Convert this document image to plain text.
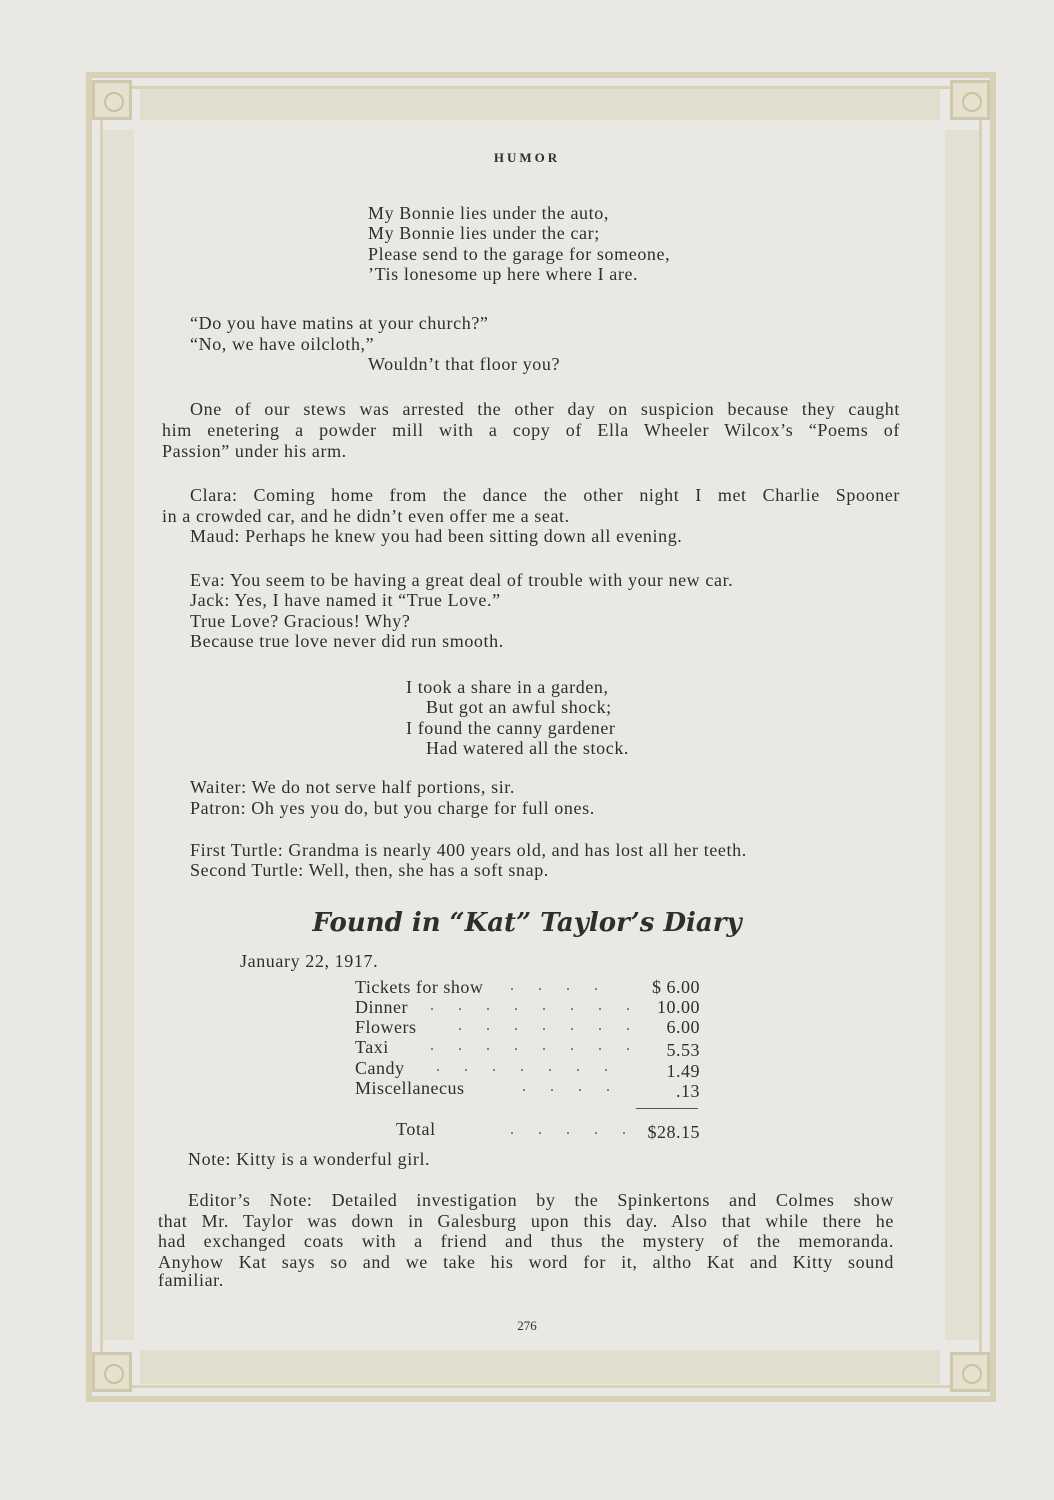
HUMOR
My Bonnie lies under the auto,
My Bonnie lies under the car;
Please send to the garage for someone,
’Tis lonesome up here where I are.
“Do you have matins at your church?”
“No, we have oilcloth,”
Wouldn’t that floor you?
One of our stews was arrested the other day on suspicion because they caught
him enetering a powder mill with a copy of Ella Wheeler Wilcox’s “Poems of
Passion” under his arm.
Clara: Coming home from the dance the other night I met Charlie Spooner
in a crowded car, and he didn’t even offer me a seat.
Maud: Perhaps he knew you had been sitting down all evening.
Eva: You seem to be having a great deal of trouble with your new car.
Jack: Yes, I have named it “True Love.”
True Love? Gracious! Why?
Because true love never did run smooth.
I took a share in a garden,
But got an awful shock;
I found the canny gardener
Had watered all the stock.
Waiter: We do not serve half portions, sir.
Patron: Oh yes you do, but you charge for full ones.
First Turtle: Grandma is nearly 400 years old, and has lost all her teeth.
Second Turtle: Well, then, she has a soft snap.
Found in “Kat” Taylor’s Diary
January 22, 1917.
Tickets for show . . . .	$ 6.00
Dinner . . . . . . . . 10.00
Flowers	. . . . . . .	6.00
Taxi	. . . . . . . .	5.53
Candy . . . . . . .	1.49
Miscellanecus	. . . .	.13
Total	. . . . . $28.15
Note: Kitty is a wonderful girl.
Editor’s Note: Detailed investigation by the Spinkertons and Colmes show
that Mr. Taylor was down in Galesburg upon this day. Also that while there he
had exchanged coats with a friend and thus the mystery of the memoranda.
Anyhow Kat says so and we take his word for it, altho Kat and Kitty sound
familiar.
276
